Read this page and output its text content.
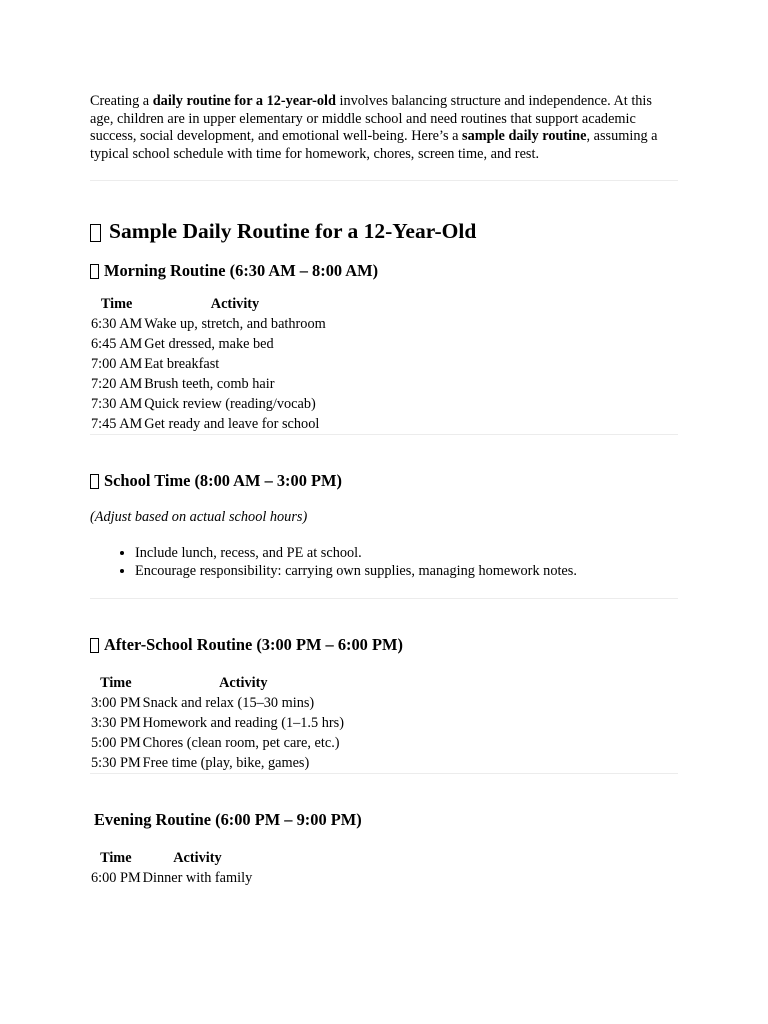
Creating a daily routine for a 12-year-old involves balancing structure and independence. At this age, children are in upper elementary or middle school and need routines that support academic success, social development, and emotional well-being. Here’s a sample daily routine, assuming a typical school schedule with time for homework, chores, screen time, and rest.

Sample Daily Routine for a 12-Year-Old
Morning Routine (6:30 AM – 8:00 AM)
Time	Activity
6:30 AM	Wake up, stretch, and bathroom
6:45 AM	Get dressed, make bed
7:00 AM	Eat breakfast
7:20 AM	Brush teeth, comb hair
7:30 AM	Quick review (reading/vocab)
7:45 AM	Get ready and leave for school
School Time (8:00 AM – 3:00 PM)

(Adjust based on actual school hours)

• Include lunch, recess, and PE at school.
• Encourage responsibility: carrying own supplies, managing homework notes.
After-School Routine (3:00 PM – 6:00 PM)
Time	Activity
3:00 PM	Snack and relax (15–30 mins)
3:30 PM	Homework and reading (1–1.5 hrs)
5:00 PM	Chores (clean room, pet care, etc.)
5:30 PM	Free time (play, bike, games)
Evening Routine (6:00 PM – 9:00 PM)
Time	Activity
6:00 PM	Dinner with family
